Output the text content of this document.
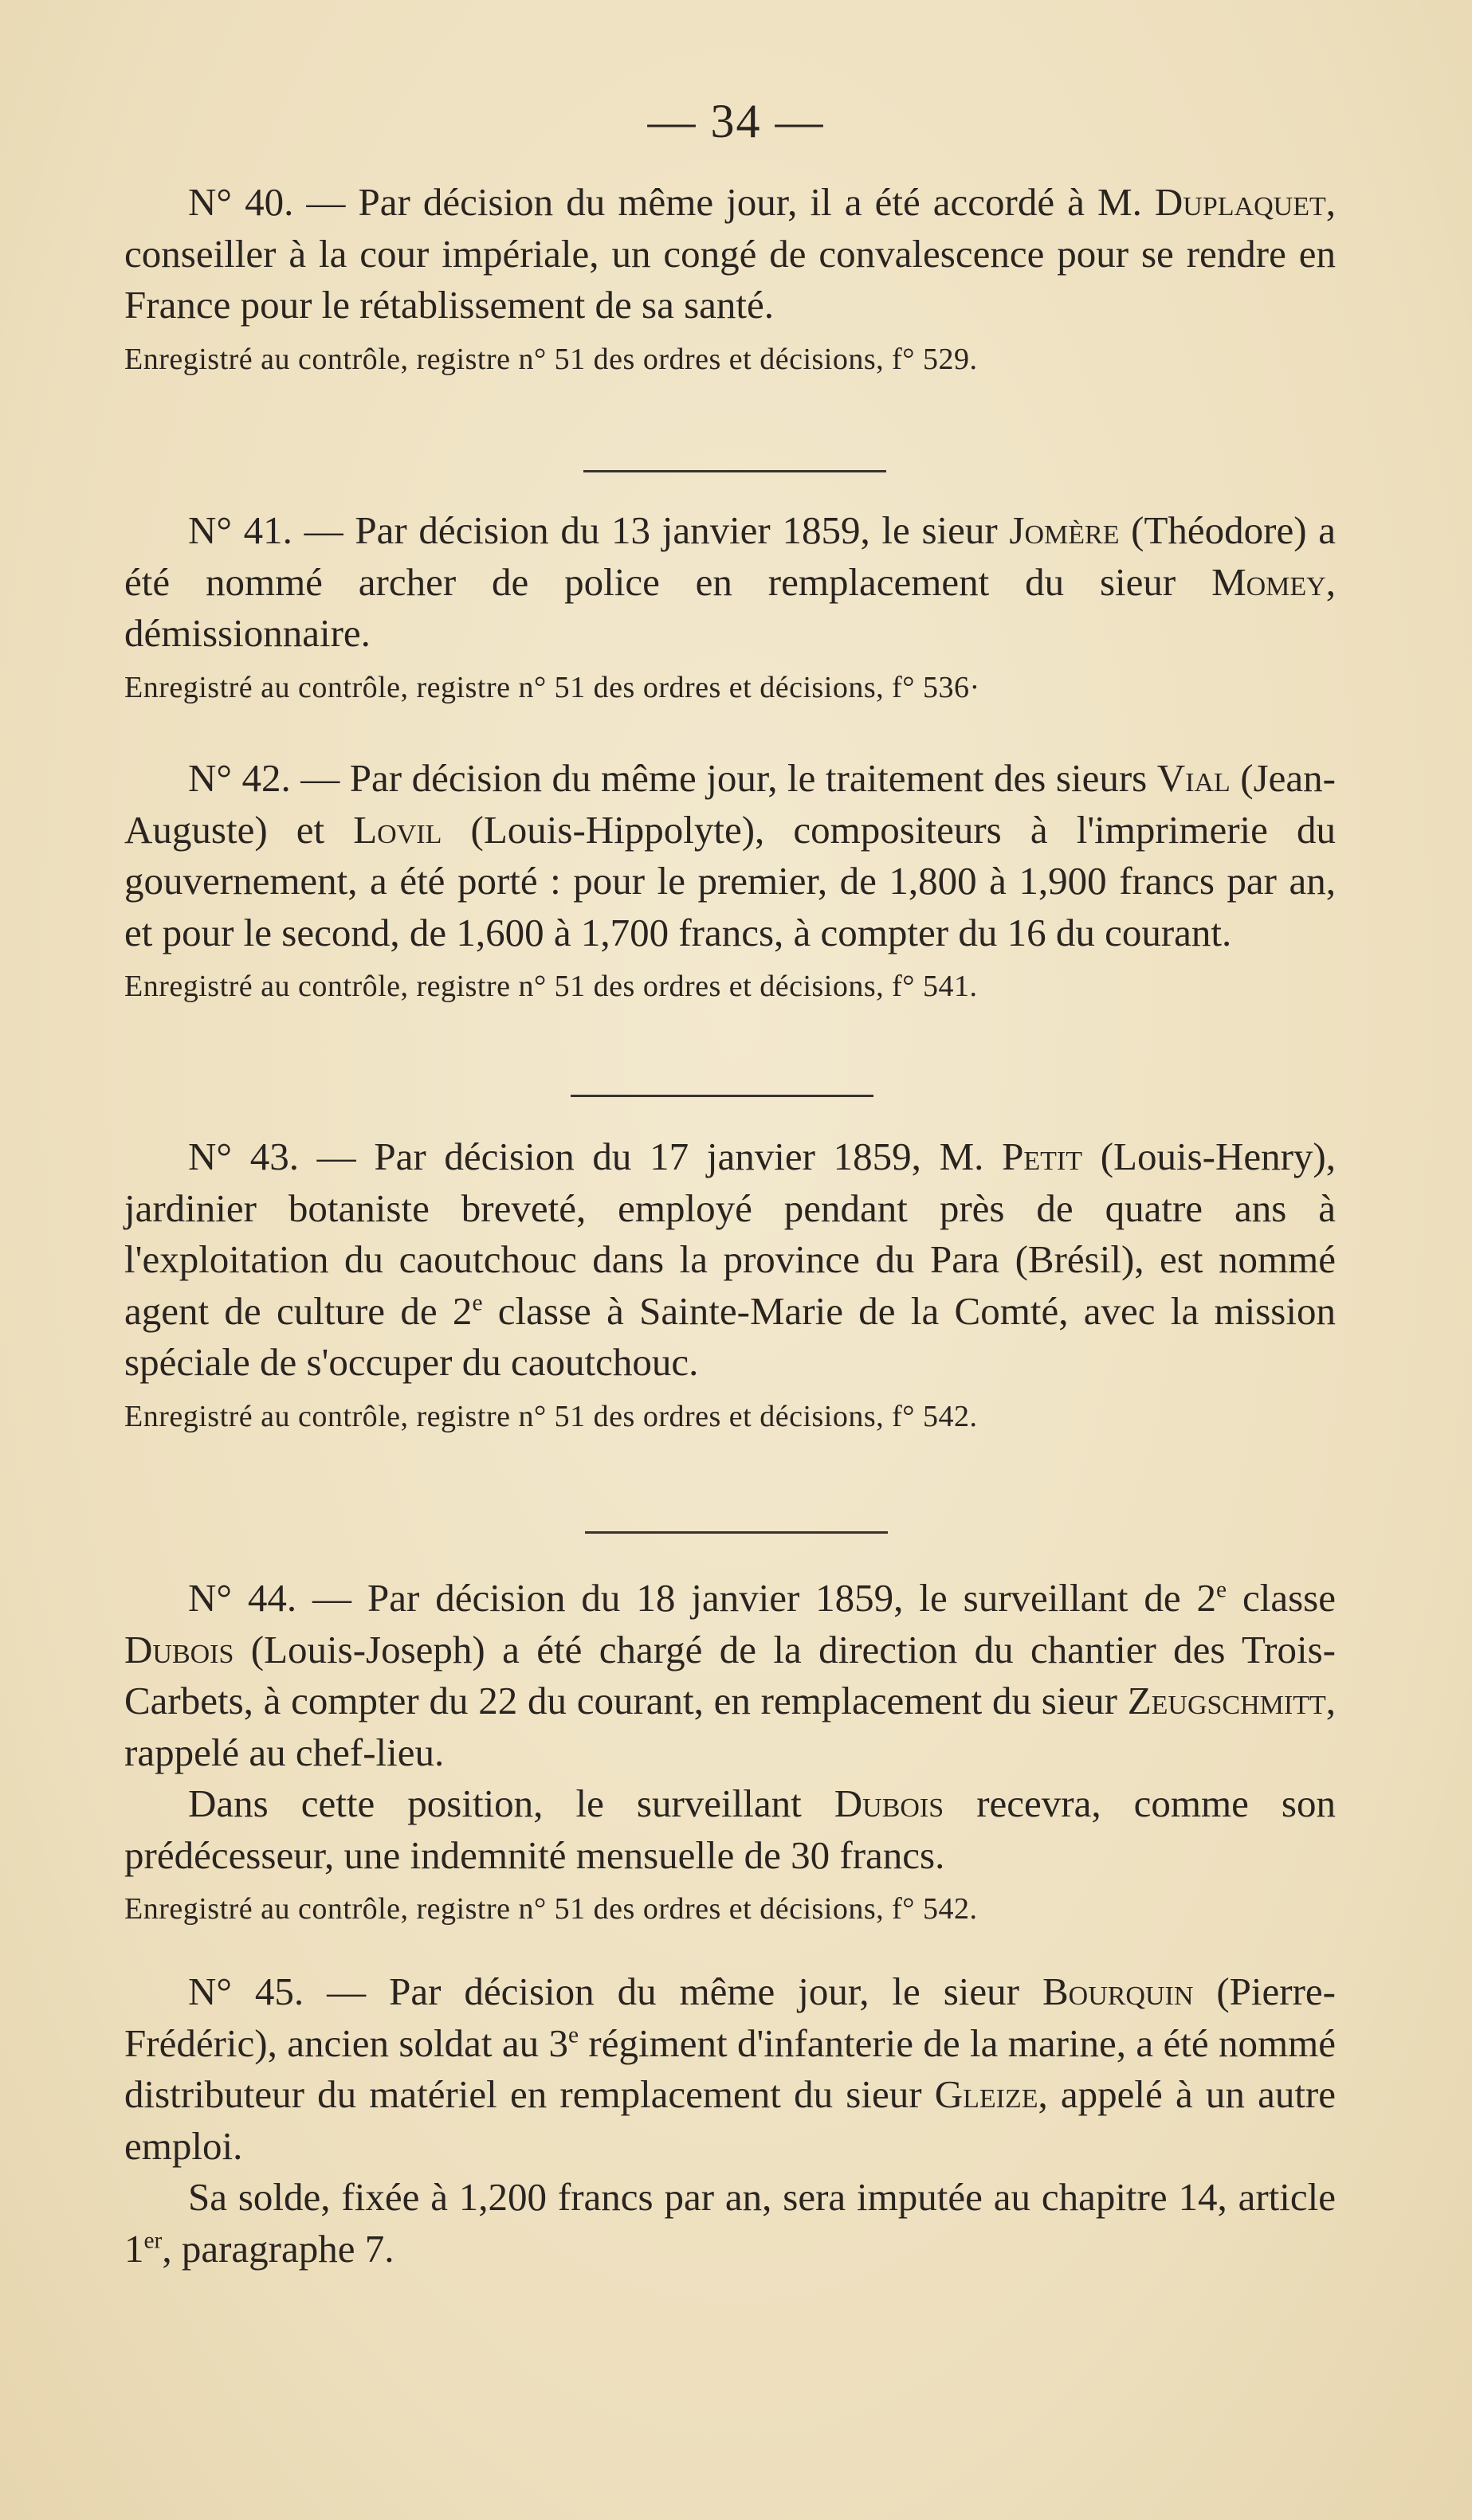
— 34 —

N° 40. — Par décision du même jour, il a été accordé à M. Duplaquet, conseiller à la cour impériale, un congé de convalescence pour se rendre en France pour le rétablissement de sa santé.

Enregistré au contrôle, registre n° 51 des ordres et décisions, f° 529.

N° 41. — Par décision du 13 janvier 1859, le sieur Jomère (Théodore) a été nommé archer de police en remplacement du sieur Momey, démissionnaire.

Enregistré au contrôle, registre n° 51 des ordres et décisions, f° 536·

N° 42. — Par décision du même jour, le traitement des sieurs Vial (Jean-Auguste) et Lovil (Louis-Hippolyte), compositeurs à l'imprimerie du gouvernement, a été porté : pour le premier, de 1,800 à 1,900 francs par an, et pour le second, de 1,600 à 1,700 francs, à compter du 16 du courant.

Enregistré au contrôle, registre n° 51 des ordres et décisions, f° 541.

N° 43. — Par décision du 17 janvier 1859, M. Petit (Louis-Henry), jardinier botaniste breveté, employé pendant près de quatre ans à l'exploitation du caoutchouc dans la province du Para (Brésil), est nommé agent de culture de 2e classe à Sainte-Marie de la Comté, avec la mission spéciale de s'occuper du caoutchouc.

Enregistré au contrôle, registre n° 51 des ordres et décisions, f° 542.

N° 44. — Par décision du 18 janvier 1859, le surveillant de 2e classe Dubois (Louis-Joseph) a été chargé de la direction du chantier des Trois-Carbets, à compter du 22 du courant, en remplacement du sieur Zeugschmitt, rappelé au chef-lieu.

Dans cette position, le surveillant Dubois recevra, comme son prédécesseur, une indemnité mensuelle de 30 francs.

Enregistré au contrôle, registre n° 51 des ordres et décisions, f° 542.

N° 45. — Par décision du même jour, le sieur Bourquin (Pierre-Frédéric), ancien soldat au 3e régiment d'infanterie de la marine, a été nommé distributeur du matériel en remplacement du sieur Gleize, appelé à un autre emploi.

Sa solde, fixée à 1,200 francs par an, sera imputée au chapitre 14, article 1er, paragraphe 7.
